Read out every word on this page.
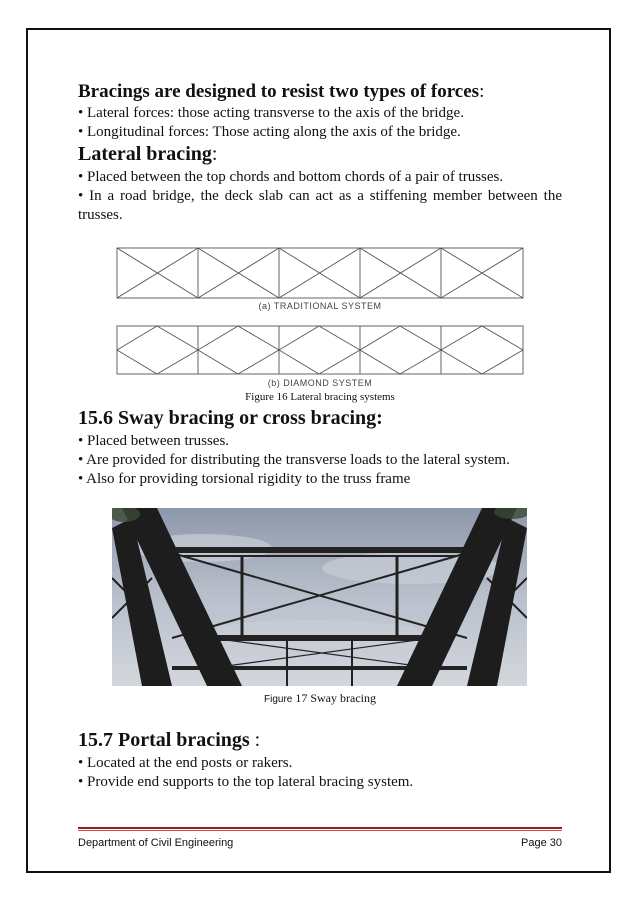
Bracings are designed to resist two types of forces:

• Lateral forces: those acting transverse to the axis of the bridge.

• Longitudinal forces: Those acting along the axis of the bridge.

Lateral bracing:

• Placed between the top chords and bottom chords of a pair of trusses.

• In a road bridge, the deck slab can act as a stiffening member between the trusses.

(a) TRADITIONAL SYSTEM
(b) DIAMOND SYSTEM
Figure 16 Lateral bracing systems

15.6 Sway bracing or cross bracing:

• Placed between trusses.

• Are provided for distributing the transverse loads to the lateral system.

• Also for providing torsional rigidity to the truss frame

Figure 17 Sway bracing

15.7 Portal bracings :

• Located at the end posts or rakers.

• Provide end supports to the top lateral bracing system.

Department of Civil Engineering	Page 30
